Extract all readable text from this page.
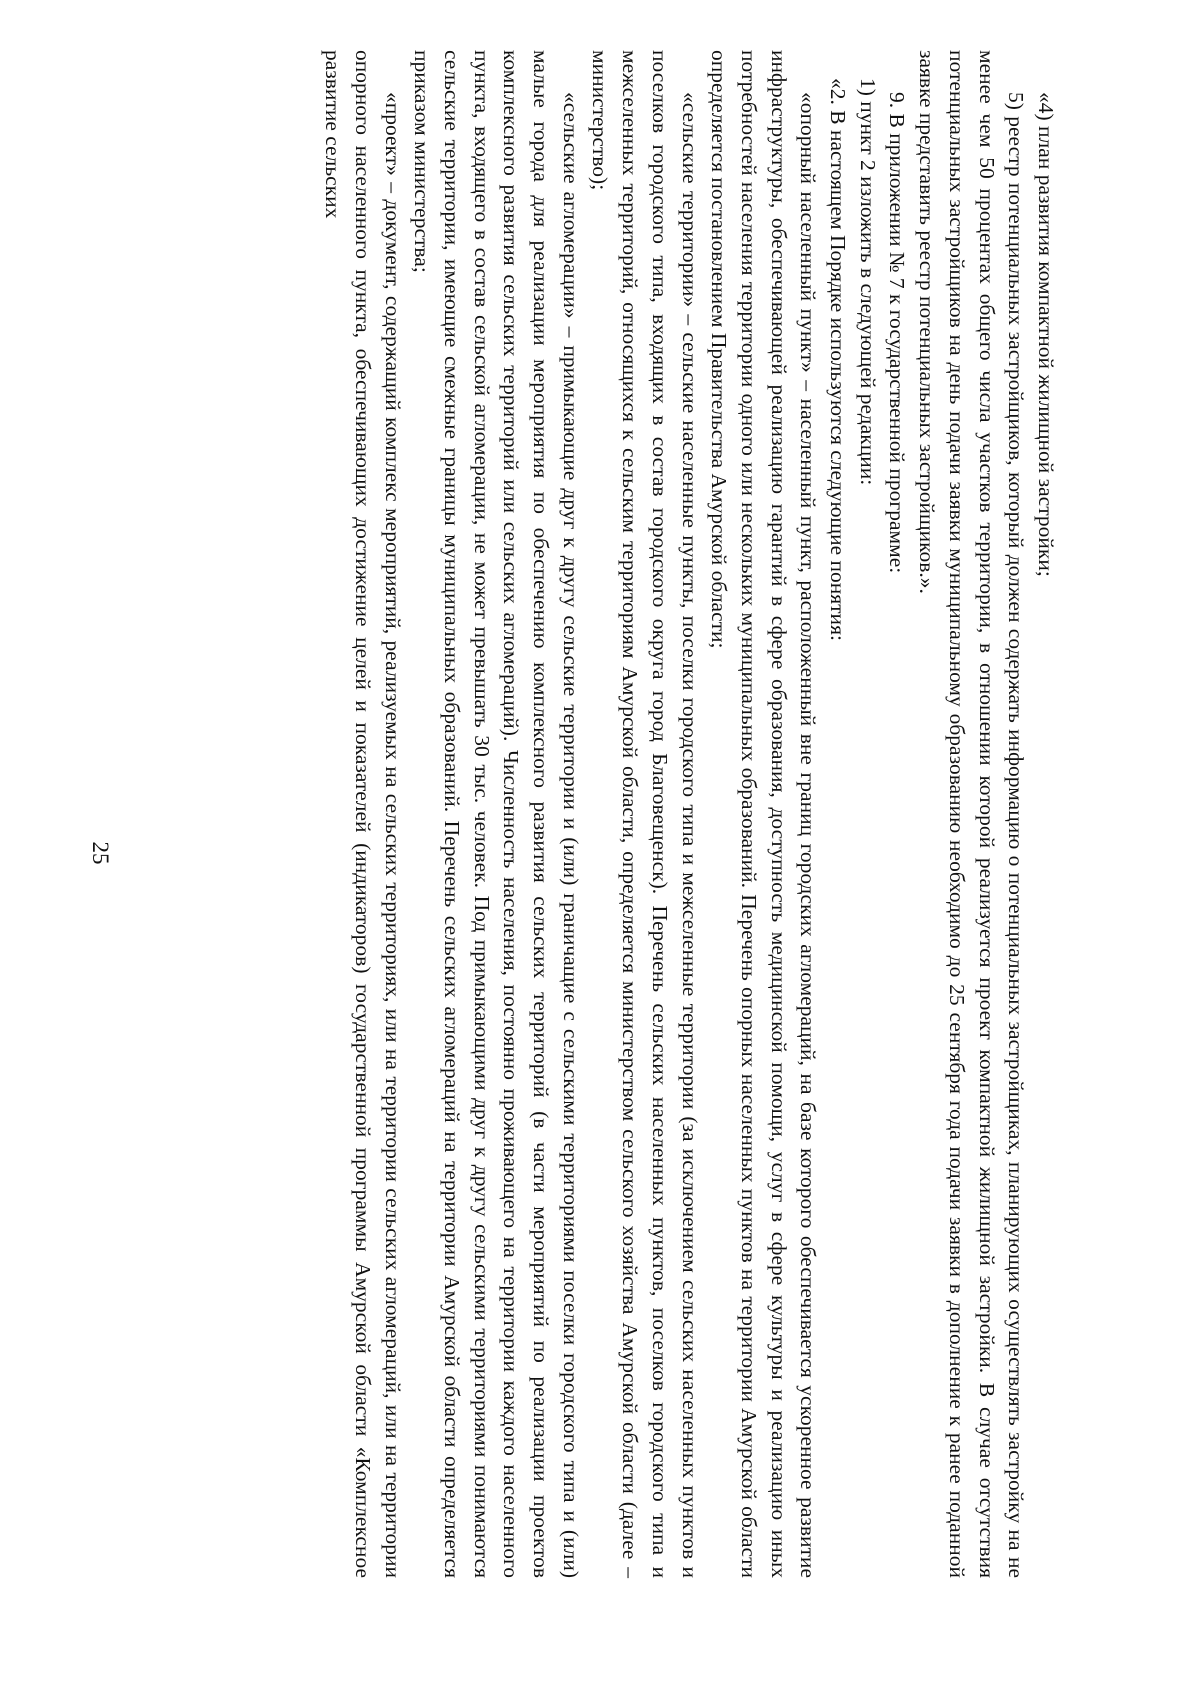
25

«4) план развития компактной жилищной застройки;

5) реестр потенциальных застройщиков, который должен содержать информацию о потенциальных застройщиках, планирующих осуществлять застройку на не менее чем 50 процентах общего числа участков территории, в отношении которой реализуется проект компактной жилищной застройки. В случае отсутствия потенциальных застройщиков на день подачи заявки муниципальному образованию необходимо до 25 сентября года подачи заявки в дополнение к ранее поданной заявке представить реестр потенциальных застройщиков.».

9. В приложении № 7 к государственной программе:

1) пункт 2 изложить в следующей редакции:

«2. В настоящем Порядке используются следующие понятия:

«опорный населенный пункт» – населенный пункт, расположенный вне границ городских агломераций, на базе которого обеспечивается ускоренное развитие инфраструктуры, обеспечивающей реализацию гарантий в сфере образования, доступность медицинской помощи, услуг в сфере культуры и реализацию иных потребностей населения территории одного или нескольких муниципальных образований. Перечень опорных населенных пунктов на территории Амурской области определяется постановлением Правительства Амурской области;

«сельские территории» – сельские населенные пункты, поселки городского типа и межселенные территории (за исключением сельских населенных пунктов и поселков городского типа, входящих в состав городского округа город Благовещенск). Перечень сельских населенных пунктов, поселков городского типа и межселенных территорий, относящихся к сельским территориям Амурской области, определяется министерством сельского хозяйства Амурской области (далее – министерство);

«сельские агломерации» – примыкающие друг к другу сельские территории и (или) граничащие с сельскими территориями поселки городского типа и (или) малые города для реализации мероприятия по обеспечению комплексного развития сельских территорий (в части мероприятий по реализации проектов комплексного развития сельских территорий или сельских агломераций). Численность населения, постоянно проживающего на территории каждого населенного пункта, входящего в состав сельской агломерации, не может превышать 30 тыс. человек. Под примыкающими друг к другу сельскими территориями понимаются сельские территории, имеющие смежные границы муниципальных образований. Перечень сельских агломераций на территории Амурской области определяется приказом министерства;

«проект» – документ, содержащий комплекс мероприятий, реализуемых на сельских территориях, или на территории сельских агломераций, или на территории опорного населенного пункта, обеспечивающих достижение целей и показателей (индикаторов) государственной программы Амурской области «Комплексное развитие сельских
